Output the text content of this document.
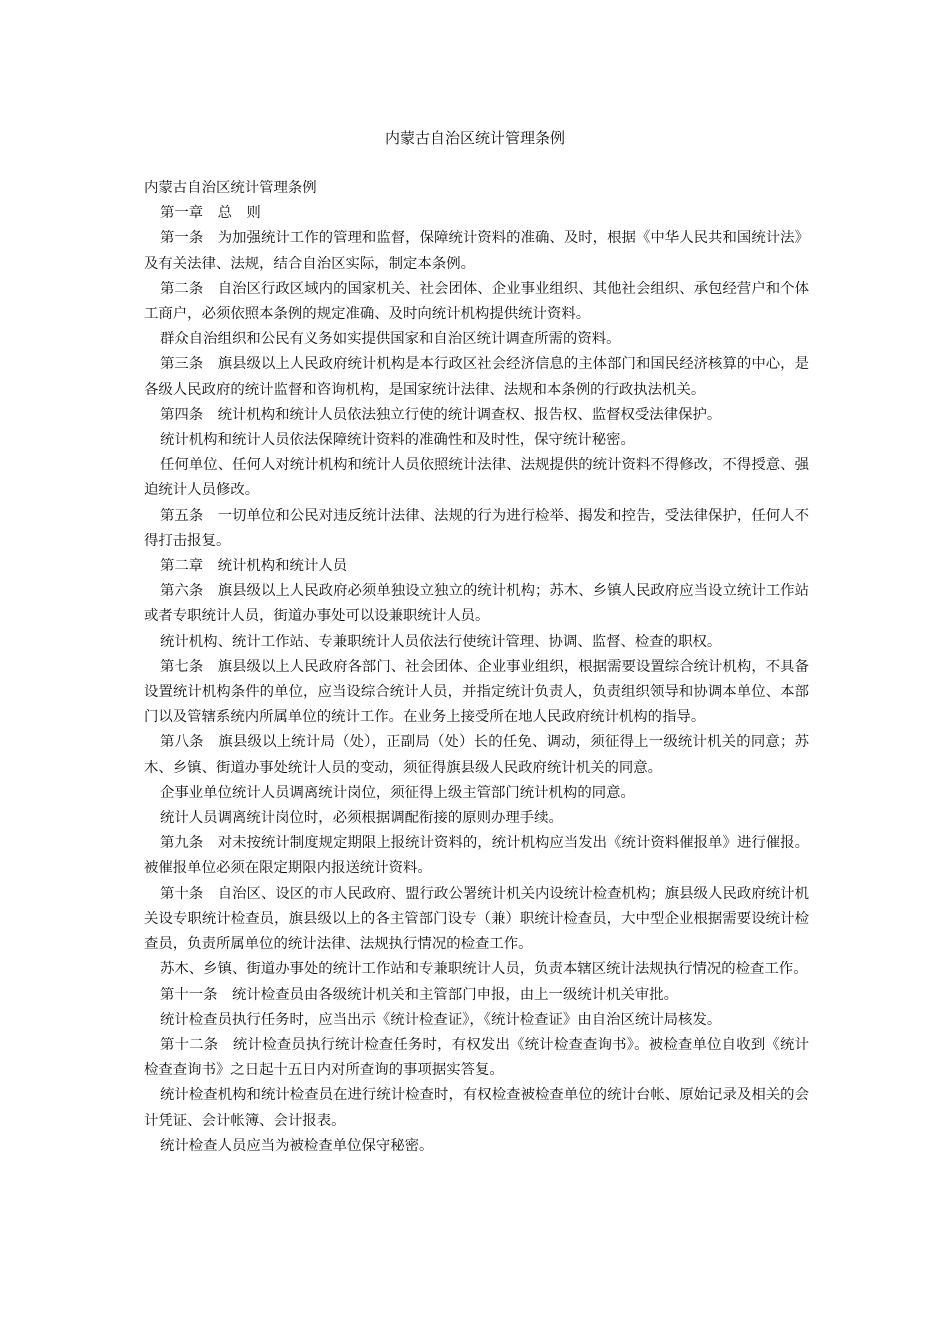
内蒙古自治区统计管理条例

内蒙古自治区统计管理条例

第一章　总　则

第一条　为加强统计工作的管理和监督，保障统计资料的准确、及时，根据《中华人民共和国统计法》及有关法律、法规，结合自治区实际，制定本条例。

第二条　自治区行政区域内的国家机关、社会团体、企业事业组织、其他社会组织、承包经营户和个体工商户，必须依照本条例的规定准确、及时向统计机构提供统计资料。

群众自治组织和公民有义务如实提供国家和自治区统计调查所需的资料。

第三条　旗县级以上人民政府统计机构是本行政区社会经济信息的主体部门和国民经济核算的中心，是各级人民政府的统计监督和咨询机构，是国家统计法律、法规和本条例的行政执法机关。

第四条　统计机构和统计人员依法独立行使的统计调查权、报告权、监督权受法律保护。

统计机构和统计人员依法保障统计资料的准确性和及时性，保守统计秘密。

任何单位、任何人对统计机构和统计人员依照统计法律、法规提供的统计资料不得修改，不得授意、强迫统计人员修改。

第五条　一切单位和公民对违反统计法律、法规的行为进行检举、揭发和控告，受法律保护，任何人不得打击报复。

第二章　统计机构和统计人员

第六条　旗县级以上人民政府必须单独设立独立的统计机构；苏木、乡镇人民政府应当设立统计工作站或者专职统计人员，街道办事处可以设兼职统计人员。

统计机构、统计工作站、专兼职统计人员依法行使统计管理、协调、监督、检查的职权。

第七条　旗县级以上人民政府各部门、社会团体、企业事业组织，根据需要设置综合统计机构，不具备设置统计机构条件的单位，应当设综合统计人员，并指定统计负责人，负责组织领导和协调本单位、本部门以及管辖系统内所属单位的统计工作。在业务上接受所在地人民政府统计机构的指导。

第八条　旗县级以上统计局（处），正副局（处）长的任免、调动，须征得上一级统计机关的同意；苏木、乡镇、街道办事处统计人员的变动，须征得旗县级人民政府统计机关的同意。

企事业单位统计人员调离统计岗位，须征得上级主管部门统计机构的同意。

统计人员调离统计岗位时，必须根据调配衔接的原则办理手续。

第九条　对未按统计制度规定期限上报统计资料的，统计机构应当发出《统计资料催报单》进行催报。被催报单位必须在限定期限内报送统计资料。

第十条　自治区、设区的市人民政府、盟行政公署统计机关内设统计检查机构；旗县级人民政府统计机关设专职统计检查员，旗县级以上的各主管部门设专（兼）职统计检查员，大中型企业根据需要设统计检查员，负责所属单位的统计法律、法规执行情况的检查工作。

苏木、乡镇、街道办事处的统计工作站和专兼职统计人员，负责本辖区统计法规执行情况的检查工作。

第十一条　统计检查员由各级统计机关和主管部门申报，由上一级统计机关审批。

统计检查员执行任务时，应当出示《统计检查证》，《统计检查证》由自治区统计局核发。

第十二条　统计检查员执行统计检查任务时，有权发出《统计检查查询书》。被检查单位自收到《统计检查查询书》之日起十五日内对所查询的事项据实答复。

统计检查机构和统计检查员在进行统计检查时，有权检查被检查单位的统计台帐、原始记录及相关的会计凭证、会计帐簿、会计报表。

统计检查人员应当为被检查单位保守秘密。
